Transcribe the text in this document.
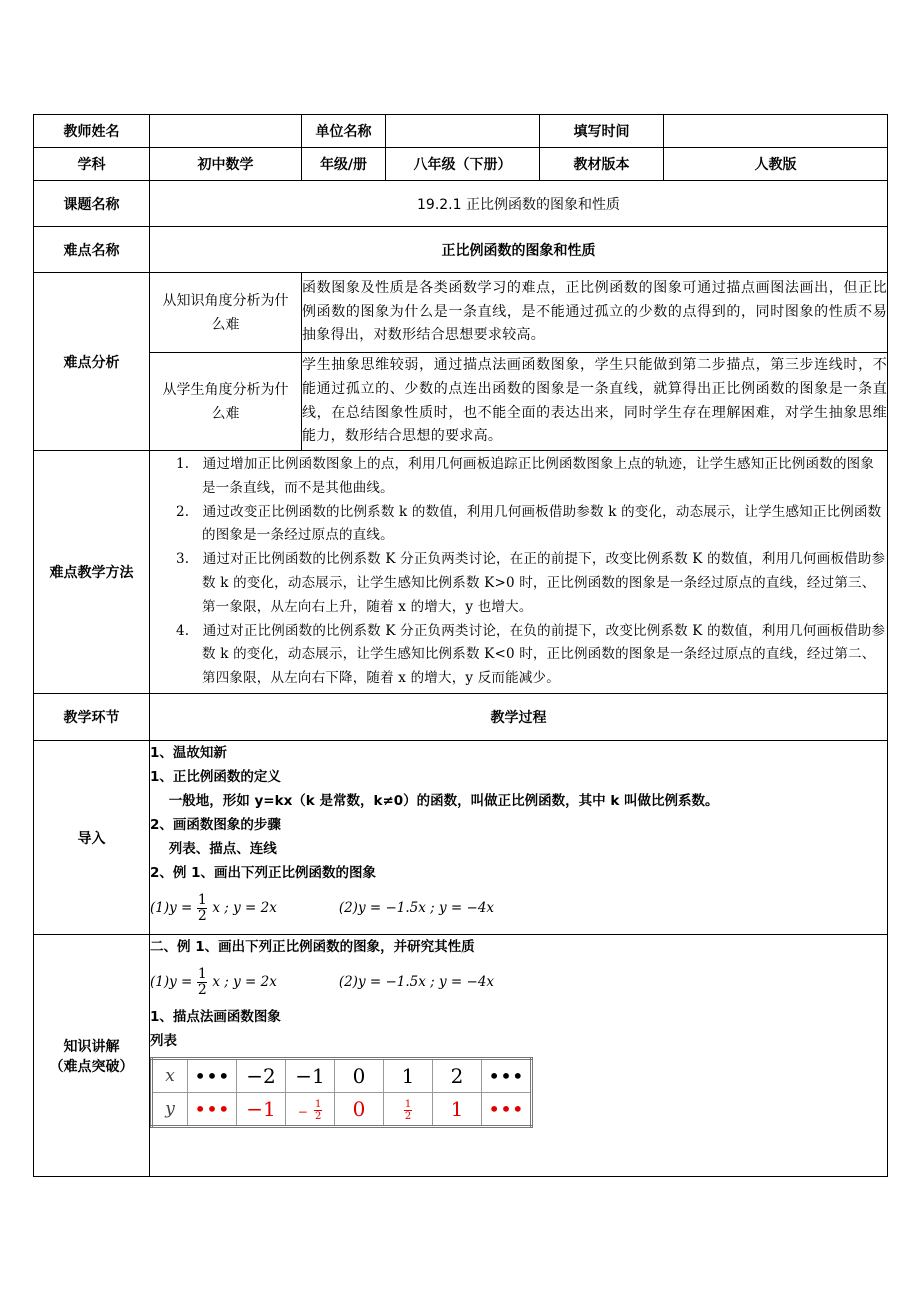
教师姓名		单位名称		填写时间	
学科	初中数学	年级/册	八年级（下册）	教材版本	人教版
课题名称	19.2.1 正比例函数的图象和性质
难点名称	正比例函数的图象和性质
难点分析	从知识角度分析为什么难	函数图象及性质是各类函数学习的难点，正比例函数的图象可通过描点画图法画出，但正比例函数的图象为什么是一条直线，是不能通过孤立的少数的点得到的，同时图象的性质不易抽象得出，对数形结合思想要求较高。
从学生角度分析为什么难	学生抽象思维较弱，通过描点法画函数图象，学生只能做到第二步描点，第三步连线时，不能通过孤立的、少数的点连出函数的图象是一条直线，就算得出正比例函数的图象是一条直线，在总结图象性质时，也不能全面的表达出来，同时学生存在理解困难，对学生抽象思维能力，数形结合思想的要求高。
难点教学方法	

1.   通过增加正比例函数图象上的点，利用几何画板追踪正比例函数图象上点的轨迹，让学生感知正比例函数的图象是一条直线，而不是其他曲线。

2.   通过改变正比例函数的比例系数 k 的数值，利用几何画板借助参数 k 的变化，动态展示，让学生感知正比例函数的图象是一条经过原点的直线。

3.   通过对正比例函数的比例系数 K 分正负两类讨论，在正的前提下，改变比例系数 K 的数值，利用几何画板借助参数 k 的变化，动态展示，让学生感知比例系数 K>0 时，正比例函数的图象是一条经过原点的直线，经过第三、第一象限，从左向右上升，随着 x 的增大，y 也增大。

4.   通过对正比例函数的比例系数 K 分正负两类讨论，在负的前提下，改变比例系数 K 的数值，利用几何画板借助参数 k 的变化，动态展示，让学生感知比例系数 K<0 时，正比例函数的图象是一条经过原点的直线，经过第二、第四象限，从左向右下降，随着 x 的增大，y 反而能减少。

教学环节	教学过程
导入	
1、温故知新
1、正比例函数的定义
一般地，形如 y=kx（k 是常数，k≠0）的函数，叫做正比例函数，其中 k 叫做比例系数。
2、画函数图象的步骤
列表、描点、连线
2、例 1、画出下列正比例函数的图象
$(1)y = \frac{1}{2}$ x ; y = 2x	(2)y = −1.5x ; y = −4x

知识讲解
（难点突破）

二、例 1、画出下列正比例函数的图象，并研究其性质
$(1)y = \frac{1}{2}$ x ; y = 2x	(2)y = −1.5x ; y = −4x
1、描点法画函数图象
列表
x	•••	−2	−1	0	1	2	•••
y	•••	−1	− $\frac{1}{2}$	0	$\frac{1}{2}$	1	•••
